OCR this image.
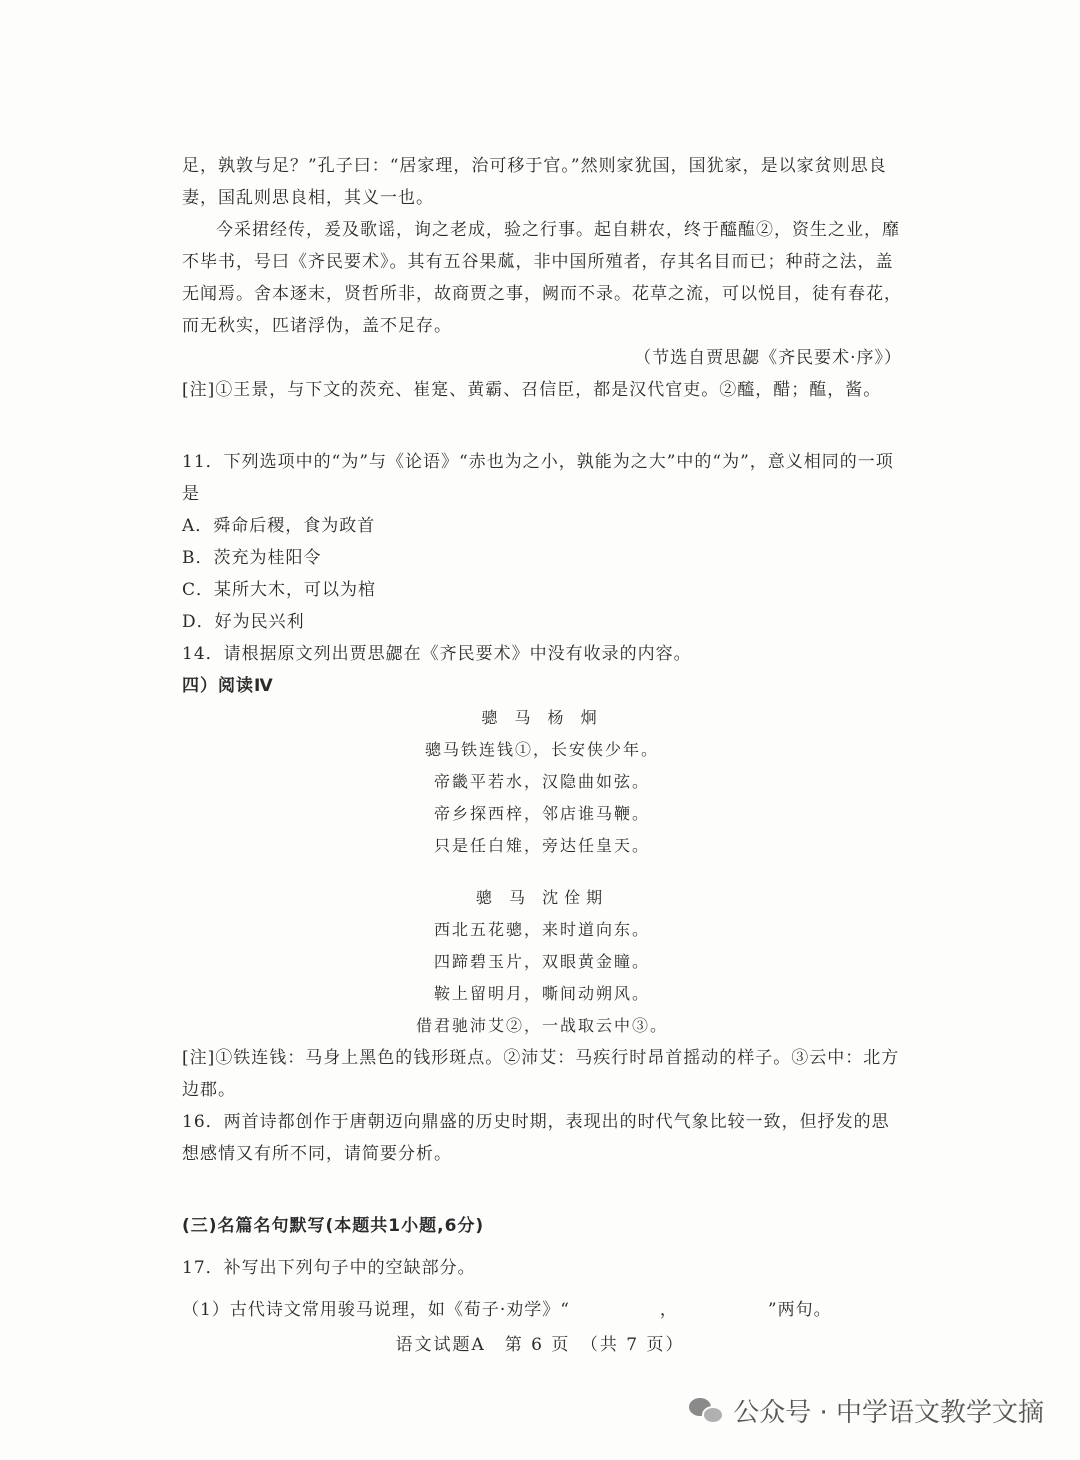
足，孰敦与足？”孔子曰：“居家理，治可移于官。”然则家犹国，国犹家，是以家贫则思良妻，国乱则思良相，其义一也。

今采捃经传，爰及歌谣，询之老成，验之行事。起自耕农，终于醯醢②，资生之业，靡不毕书，号曰《齐民要术》。其有五谷果蓏，非中国所殖者，存其名目而已；种莳之法，盖无闻焉。舍本逐末，贤哲所非，故商贾之事，阙而不录。花草之流，可以悦目，徒有春花，而无秋实，匹诸浮伪，盖不足存。

（节选自贾思勰《齐民要术·序》）

[注]①王景，与下文的茨充、崔寔、黄霸、召信臣，都是汉代官吏。②醯，醋；醢，酱。

11．下列选项中的“为”与《论语》“赤也为之小，孰能为之大”中的“为”，意义相同的一项是

A．舜命后稷，食为政首

B．茨充为桂阳令

C．某所大木，可以为棺

D．好为民兴利

14．请根据原文列出贾思勰在《齐民要术》中没有收录的内容。

四）阅读Ⅳ

骢 马 杨 炯
骢马铁连钱①，长安侠少年。
帝畿平若水，汉隐曲如弦。
帝乡探西梓，邻店谁马鞭。
只是任白雉，旁达任皇天。
骢 马 沈佺期
西北五花骢，来时道向东。
四蹄碧玉片，双眼黄金瞳。
鞍上留明月，嘶间动朔风。
借君驰沛艾②，一战取云中③。

[注]①铁连钱：马身上黑色的钱形斑点。②沛艾：马疾行时昂首摇动的样子。③云中：北方

边郡。

16．两首诗都创作于唐朝迈向鼎盛的历史时期，表现出的时代气象比较一致，但抒发的思想感情又有所不同，请简要分析。

(三)名篇名句默写(本题共1小题,6分)

17．补写出下列句子中的空缺部分。

（1）古代诗文常用骏马说理，如《荀子·劝学》“	，	”两句。

语文试题A　第 6 页　（共 7 页）
公众号 · 中学语文教学文摘
